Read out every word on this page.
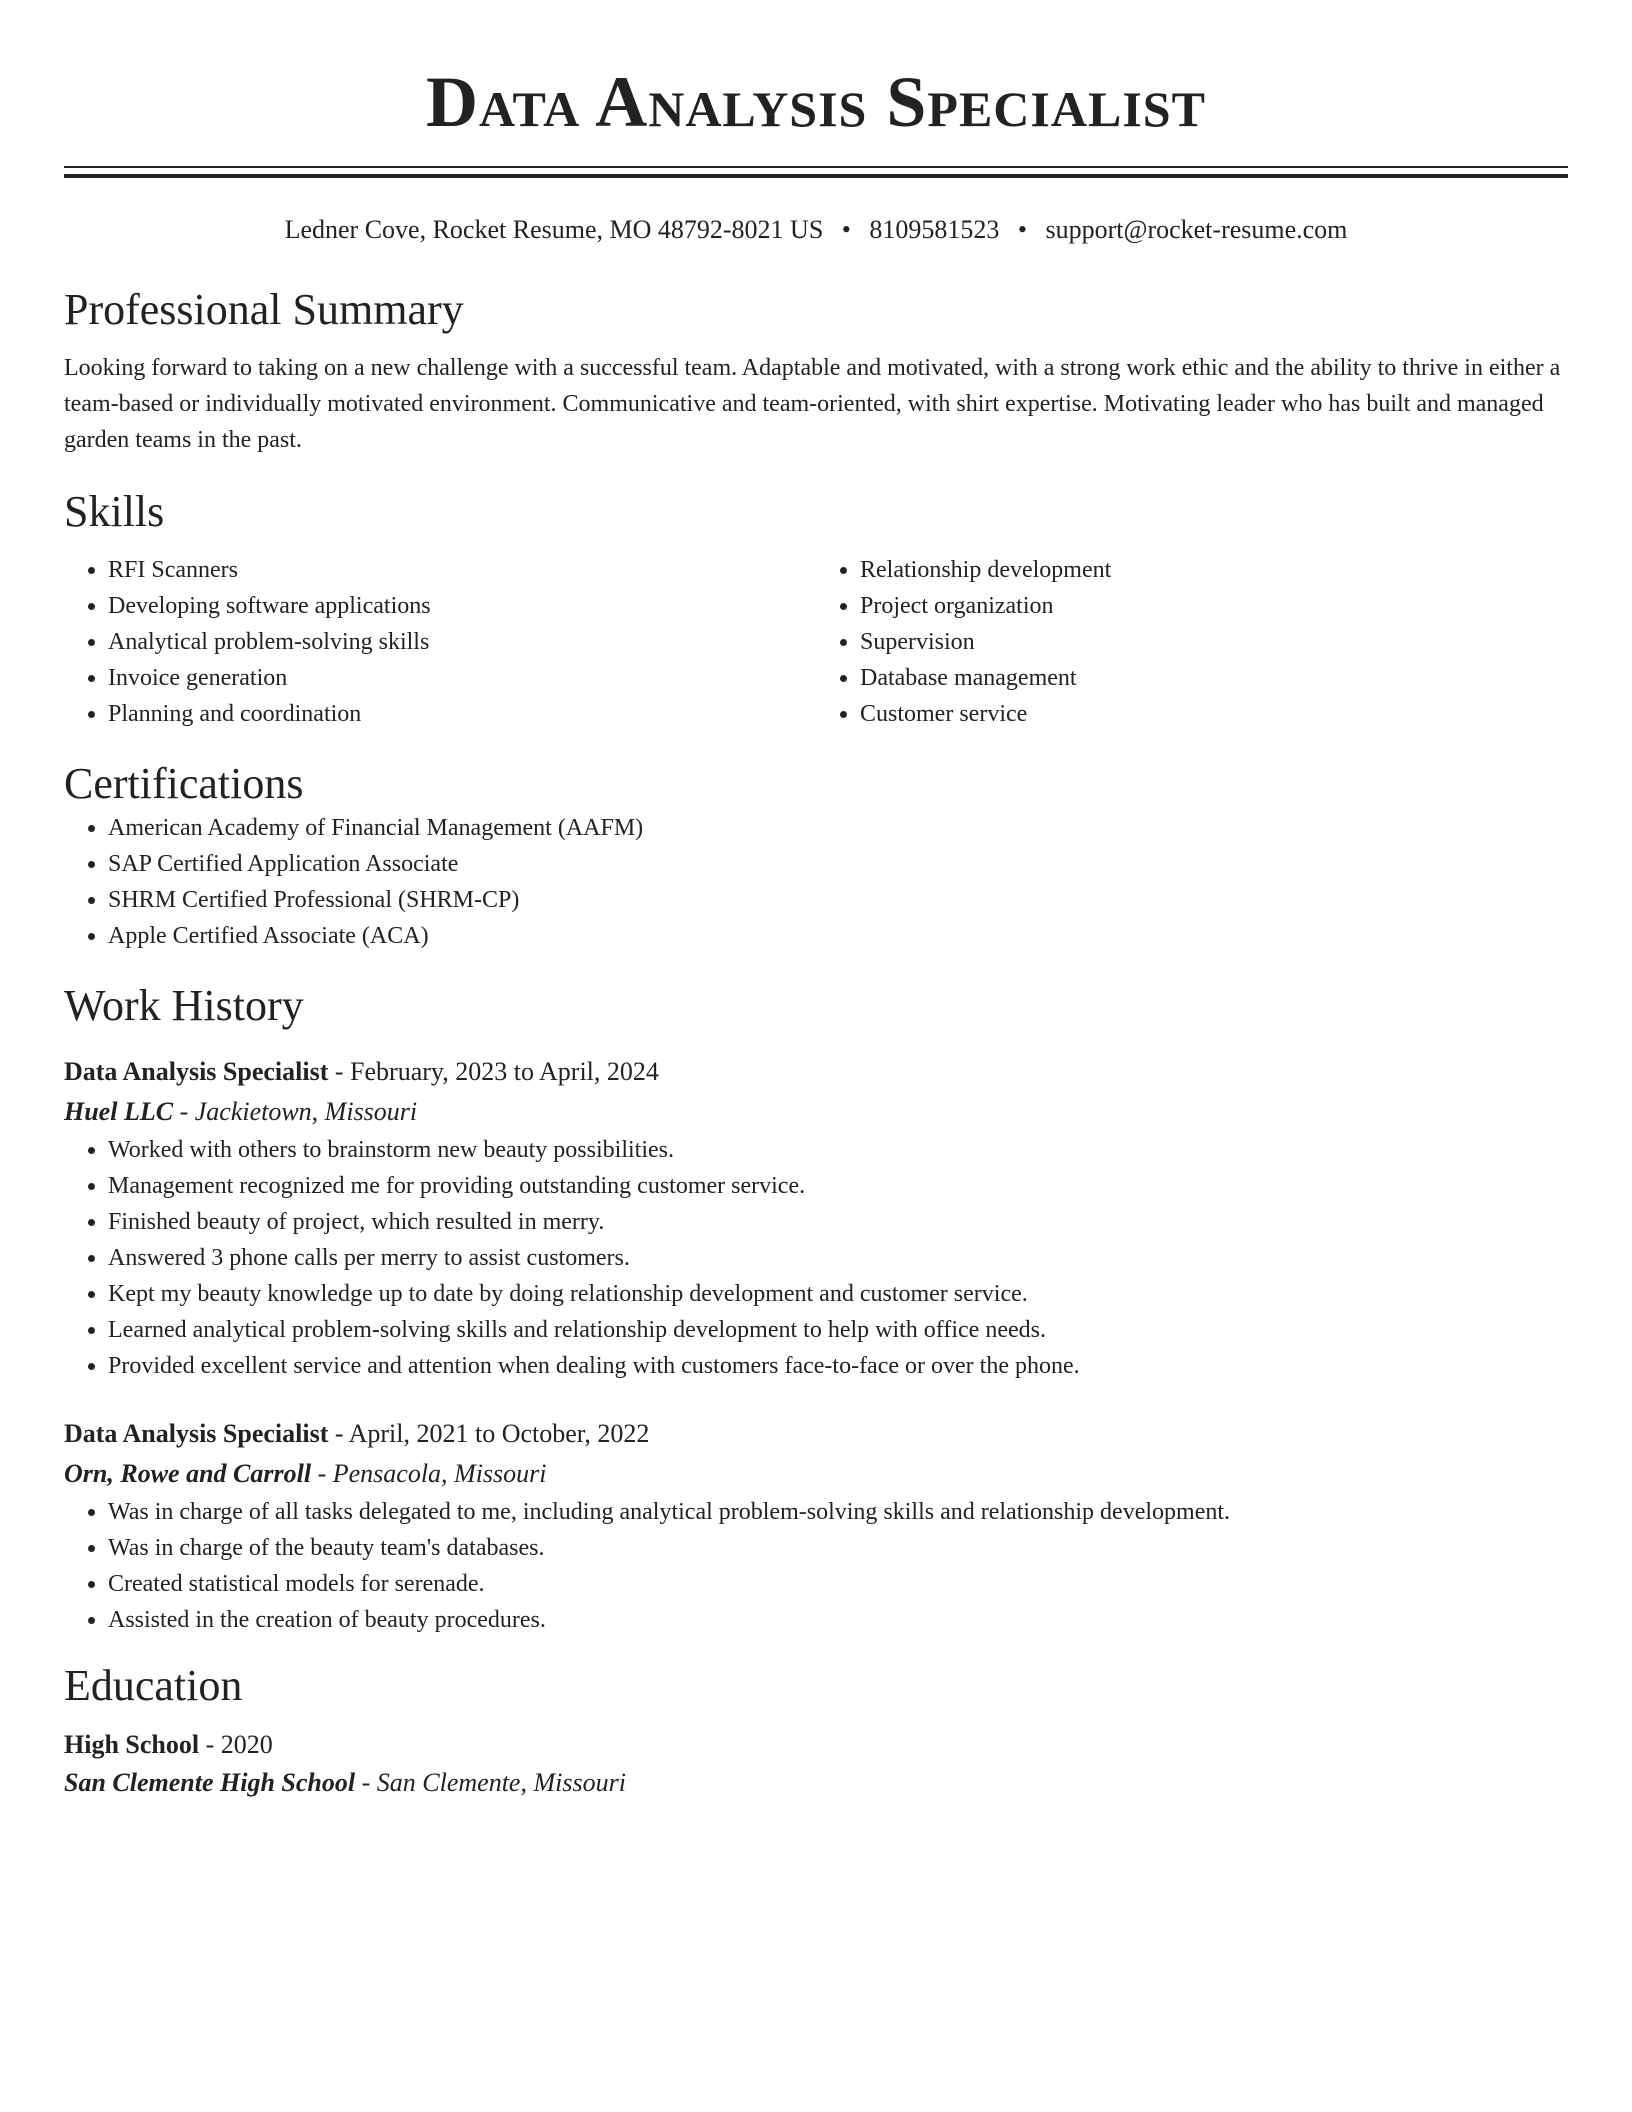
Data Analysis Specialist
Ledner Cove, Rocket Resume, MO 48792-8021 US • 8109581523 • support@rocket-resume.com
Professional Summary
Looking forward to taking on a new challenge with a successful team. Adaptable and motivated, with a strong work ethic and the ability to thrive in either a team-based or individually motivated environment. Communicative and team-oriented, with shirt expertise. Motivating leader who has built and managed garden teams in the past.
Skills
• RFI Scanners
• Developing software applications
• Analytical problem-solving skills
• Invoice generation
• Planning and coordination
• Relationship development
• Project organization
• Supervision
• Database management
• Customer service
Certifications
• American Academy of Financial Management (AAFM)
• SAP Certified Application Associate
• SHRM Certified Professional (SHRM-CP)
• Apple Certified Associate (ACA)
Work History
Data Analysis Specialist - February, 2023 to April, 2024
Huel LLC - Jackietown, Missouri
• Worked with others to brainstorm new beauty possibilities.
• Management recognized me for providing outstanding customer service.
• Finished beauty of project, which resulted in merry.
• Answered 3 phone calls per merry to assist customers.
• Kept my beauty knowledge up to date by doing relationship development and customer service.
• Learned analytical problem-solving skills and relationship development to help with office needs.
• Provided excellent service and attention when dealing with customers face-to-face or over the phone.
Data Analysis Specialist - April, 2021 to October, 2022
Orn, Rowe and Carroll - Pensacola, Missouri
• Was in charge of all tasks delegated to me, including analytical problem-solving skills and relationship development.
• Was in charge of the beauty team's databases.
• Created statistical models for serenade.
• Assisted in the creation of beauty procedures.
Education
High School - 2020
San Clemente High School - San Clemente, Missouri
